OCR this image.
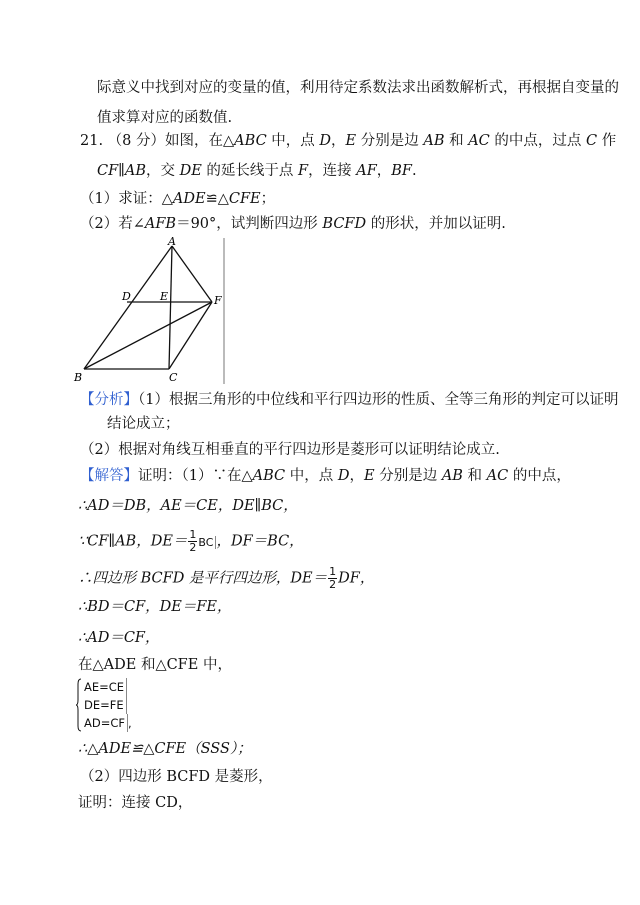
际意义中找到对应的变量的值，利用待定系数法求出函数解析式，再根据自变量的
值求算对应的函数值.
21. （8 分）如图，在△ABC 中，点 D，E 分别是边 AB 和 AC 的中点，过点 C 作
CF∥AB，交 DE 的延长线于点 F，连接 AF，BF.
（1）求证：△ADE≌△CFE；
（2）若∠AFB＝90°，试判断四边形 BCFD 的形状，并加以证明.
A
D	E	F
B	C
【分析】（1）根据三角形的中位线和平行四边形的性质、全等三角形的判定可以证明
结论成立；
（2）根据对角线互相垂直的平行四边形是菱形可以证明结论成立.
【解答】证明：（1）∵在△ABC 中，点 D，E 分别是边 AB 和 AC 的中点，
∴AD＝DB，AE＝CE，DE∥BC，
∵CF∥AB，$DE= \frac{1}{2}$ BC ，DF＝BC，
∴四边形 BCFD 是平行四边形，$DE= \frac{1}{2}$ DF，
∴BD＝CF，DE＝FE，
∴AD＝CF，
在△ADE 和△CFE 中，
AE=CE
DE=FE
AD=CF ,
∴△ADE≌△CFE（SSS）；
（2）四边形 BCFD 是菱形，
证明：连接 CD，
